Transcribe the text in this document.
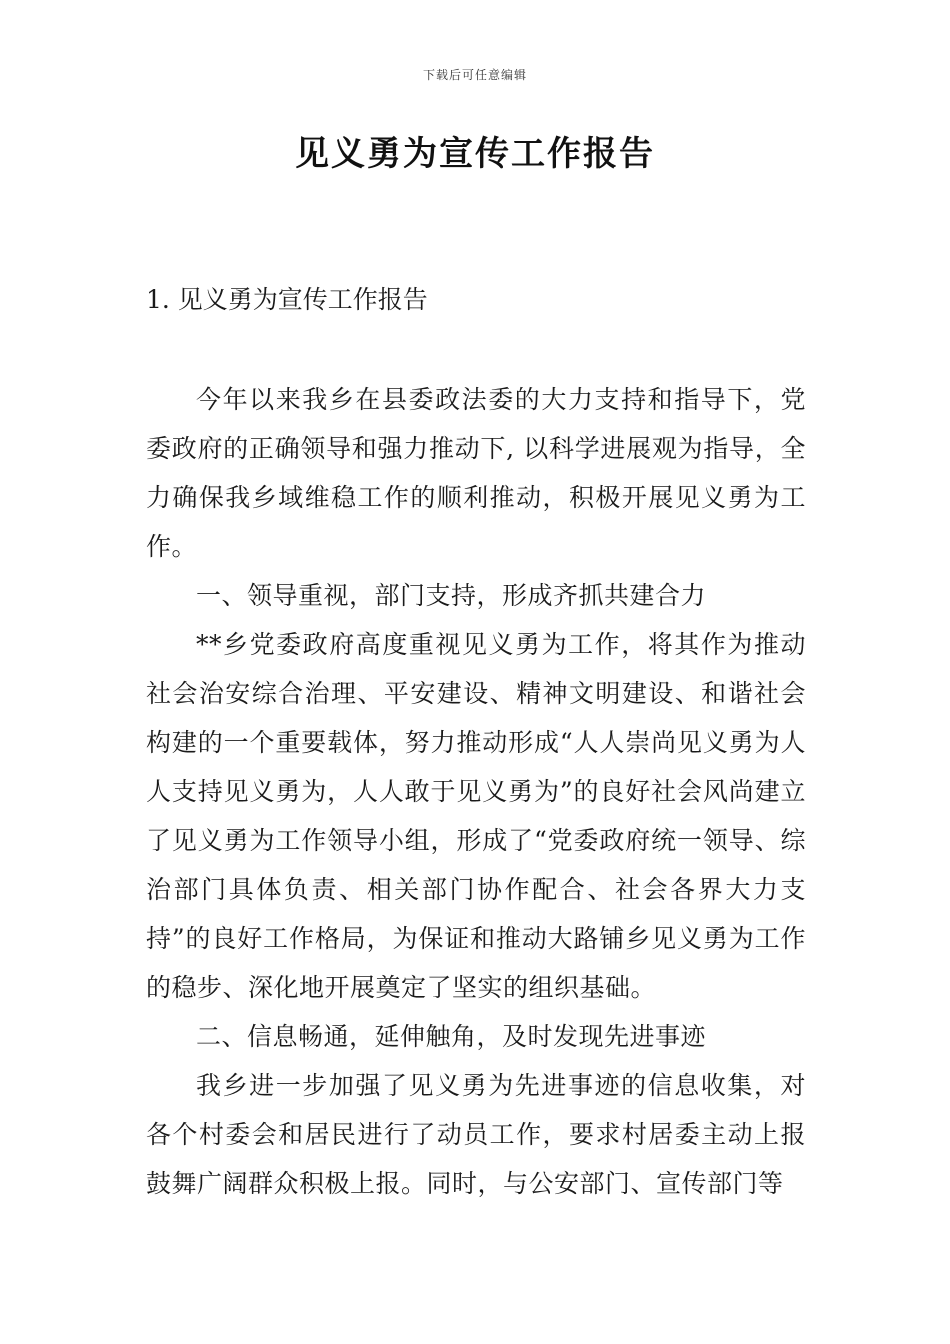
下载后可任意编辑
见义勇为宣传工作报告
1. 见义勇为宣传工作报告

今年以来我乡在县委政法委的大力支持和指导下，党委政府的正确领导和强力推动下, 以科学进展观为指导，全力确保我乡域维稳工作的顺利推动，积极开展见义勇为工作。

一、领导重视，部门支持，形成齐抓共建合力

**乡党委政府高度重视见义勇为工作，将其作为推动社会治安综合治理、平安建设、精神文明建设、和谐社会构建的一个重要载体，努力推动形成“人人崇尚见义勇为人人支持见义勇为，人人敢于见义勇为”的良好社会风尚建立了见义勇为工作领导小组，形成了“党委政府统一领导、综治部门具体负责、相关部门协作配合、社会各界大力支持”的良好工作格局，为保证和推动大路铺乡见义勇为工作的稳步、深化地开展奠定了坚实的组织基础。

二、信息畅通，延伸触角，及时发现先进事迹

我乡进一步加强了见义勇为先进事迹的信息收集，对各个村委会和居民进行了动员工作，要求村居委主动上报鼓舞广阔群众积极上报。同时，与公安部门、宣传部门等
